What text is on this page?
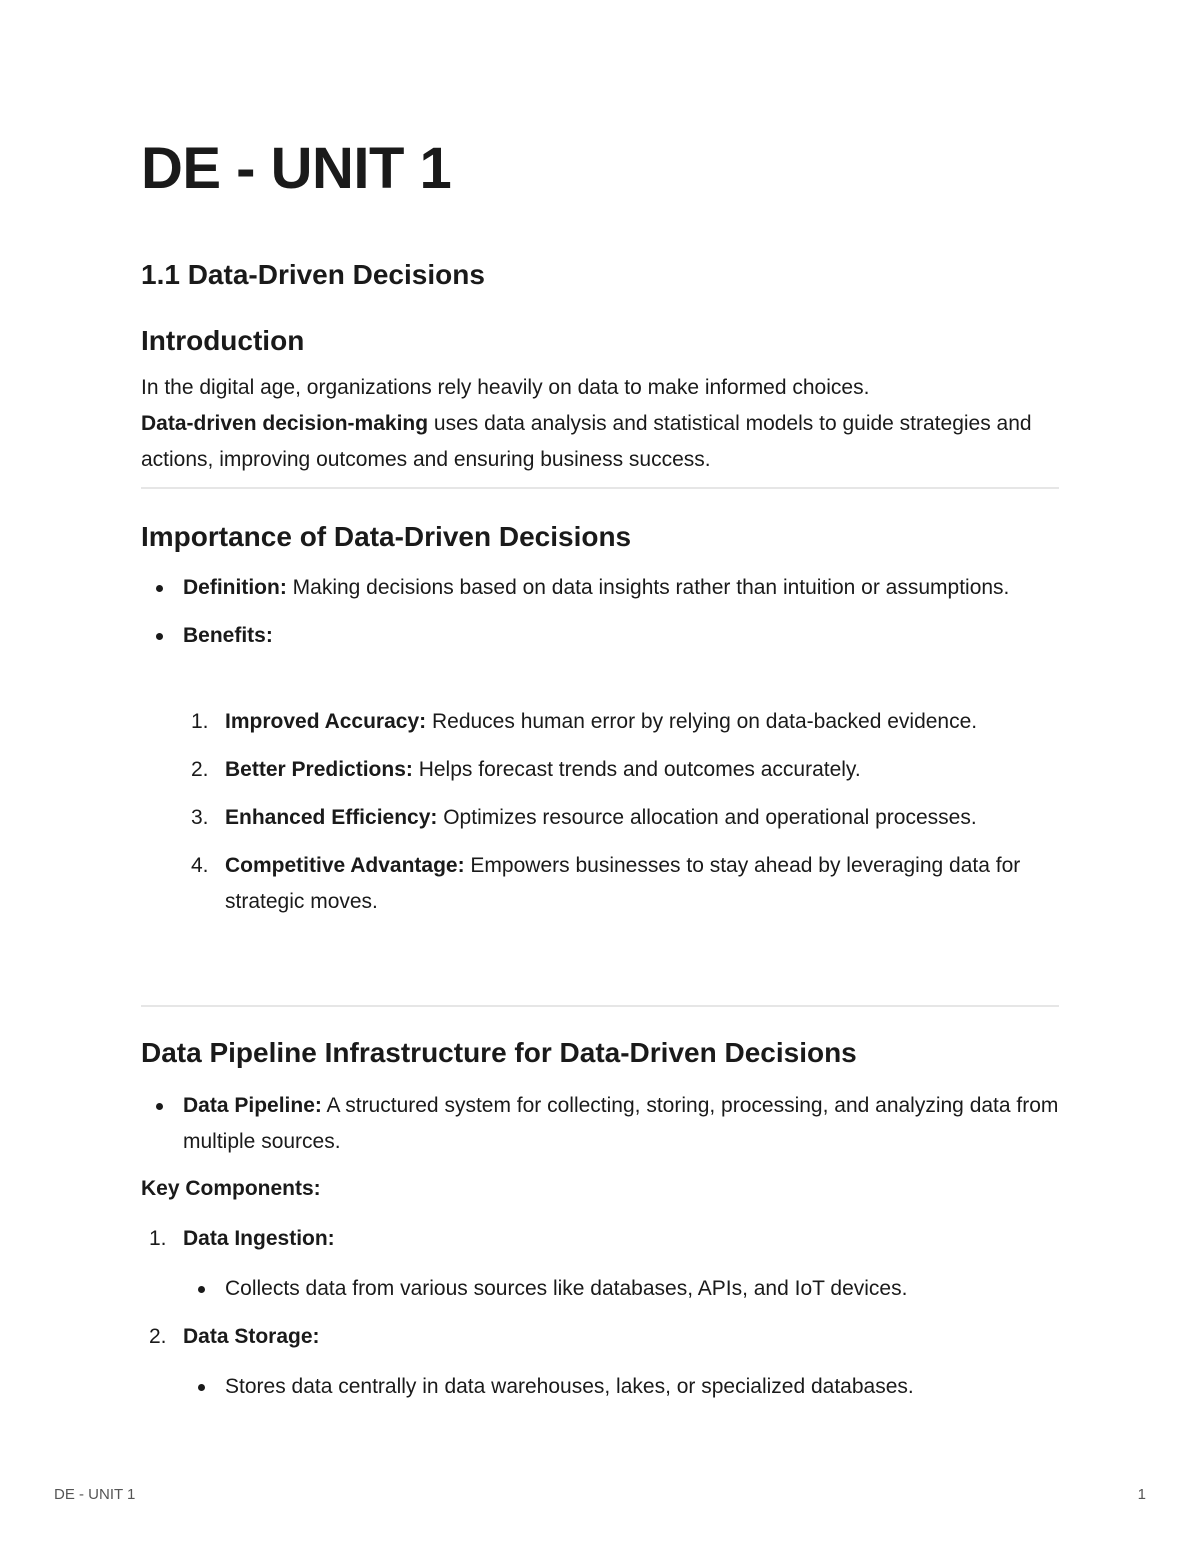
DE - UNIT 1
1.1 Data-Driven Decisions
Introduction

In the digital age, organizations rely heavily on data to make informed choices.
Data-driven decision-making uses data analysis and statistical models to guide strategies and actions, improving outcomes and ensuring business success.

Importance of Data-Driven Decisions
Definition: Making decisions based on data insights rather than intuition or assumptions.
Benefits:
1. Improved Accuracy: Reduces human error by relying on data-backed evidence.
2. Better Predictions: Helps forecast trends and outcomes accurately.
3. Enhanced Efficiency: Optimizes resource allocation and operational processes.
4. Competitive Advantage: Empowers businesses to stay ahead by leveraging data for strategic moves.
Data Pipeline Infrastructure for Data-Driven Decisions
Data Pipeline: A structured system for collecting, storing, processing, and analyzing data from multiple sources.

Key Components:

1. Data Ingestion:
Collects data from various sources like databases, APIs, and IoT devices.
2. Data Storage:
Stores data centrally in data warehouses, lakes, or specialized databases.
DE - UNIT 1	1
